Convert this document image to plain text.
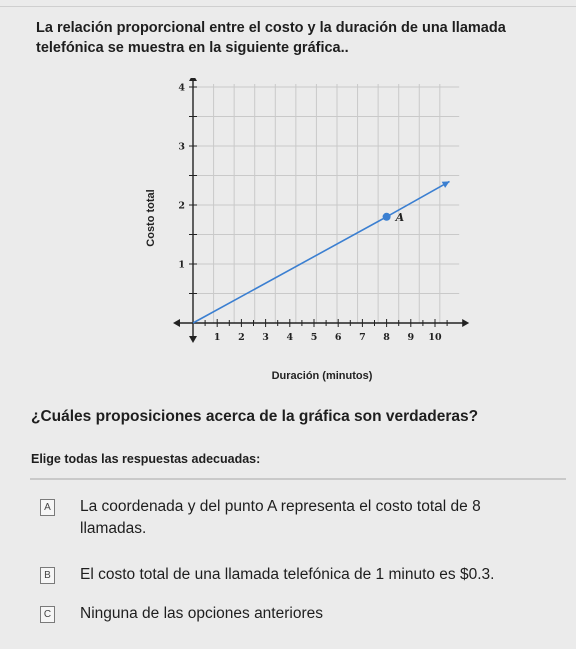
La relación proporcional entre el costo y la duración de una llamada telefónica se muestra en la siguiente gráfica..
1 2 3 4 5 6 7 8 9 10
1
2
3
4
A
Duración (minutos)
Costo total
¿Cuáles proposiciones acerca de la gráfica son verdaderas?
Elige todas las respuestas adecuadas:
A La coordenada y del punto A representa el costo total de 8 llamadas.
B El costo total de una llamada telefónica de 1 minuto es $0.3.
C Ninguna de las opciones anteriores
